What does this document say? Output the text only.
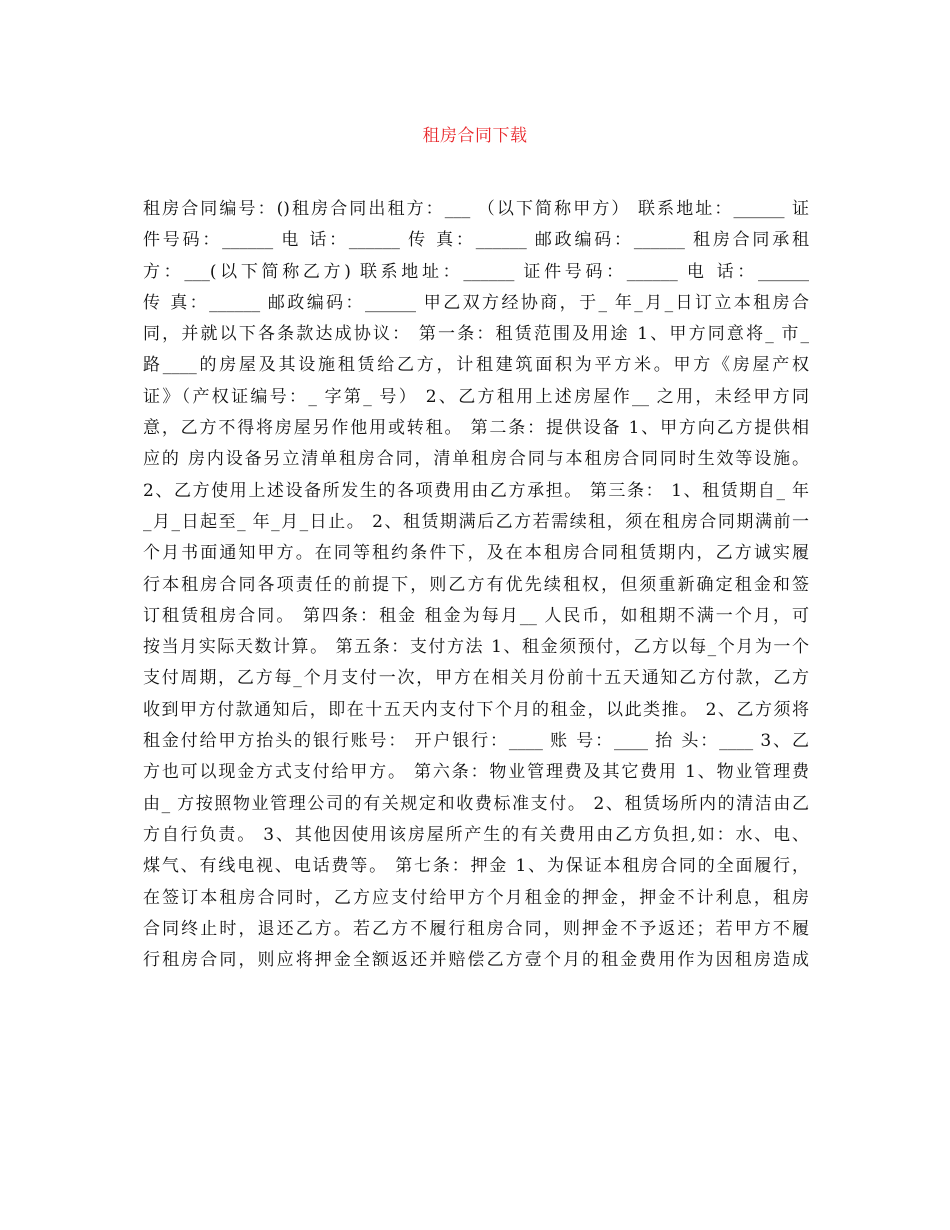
租房合同下载
租房合同编号：()租房合同出租方：___ （以下简称甲方） 联系地址：______ 证
件号码：______ 电 话：______ 传 真：______ 邮政编码：______ 租房合同承租
方：___(以下简称乙方) 联系地址：______ 证件号码：______ 电 话：______
传 真：______ 邮政编码：______ 甲乙双方经协商，于_ 年_月_日订立本租房合
同，并就以下各条款达成协议： 第一条：租赁范围及用途 1、甲方同意将_ 市_
路____的房屋及其设施租赁给乙方，计租建筑面积为平方米。甲方《房屋产权
证》（产权证编号：_ 字第_ 号） 2、乙方租用上述房屋作__ 之用，未经甲方同
意，乙方不得将房屋另作他用或转租。 第二条：提供设备 1、甲方向乙方提供相
应的 房内设备另立清单租房合同，清单租房合同与本租房合同同时生效等设施。
2、乙方使用上述设备所发生的各项费用由乙方承担。 第三条： 1、租赁期自_ 年
_月_日起至_ 年_月_日止。 2、租赁期满后乙方若需续租，须在租房合同期满前一
个月书面通知甲方。在同等租约条件下，及在本租房合同租赁期内，乙方诚实履
行本租房合同各项责任的前提下，则乙方有优先续租权，但须重新确定租金和签
订租赁租房合同。 第四条：租金 租金为每月__ 人民币，如租期不满一个月，可
按当月实际天数计算。 第五条：支付方法 1、租金须预付，乙方以每_个月为一个
支付周期，乙方每_个月支付一次，甲方在相关月份前十五天通知乙方付款，乙方
收到甲方付款通知后，即在十五天内支付下个月的租金，以此类推。 2、乙方须将
租金付给甲方抬头的银行账号： 开户银行：____ 账 号：____ 抬 头：____ 3、乙
方也可以现金方式支付给甲方。 第六条：物业管理费及其它费用 1、物业管理费
由_ 方按照物业管理公司的有关规定和收费标准支付。 2、租赁场所内的清洁由乙
方自行负责。 3、其他因使用该房屋所产生的有关费用由乙方负担,如：水、电、
煤气、有线电视、电话费等。 第七条：押金 1、为保证本租房合同的全面履行，
在签订本租房合同时，乙方应支付给甲方个月租金的押金，押金不计利息，租房
合同终止时，退还乙方。若乙方不履行租房合同，则押金不予返还；若甲方不履
行租房合同，则应将押金全额返还并赔偿乙方壹个月的租金费用作为因租房造成
